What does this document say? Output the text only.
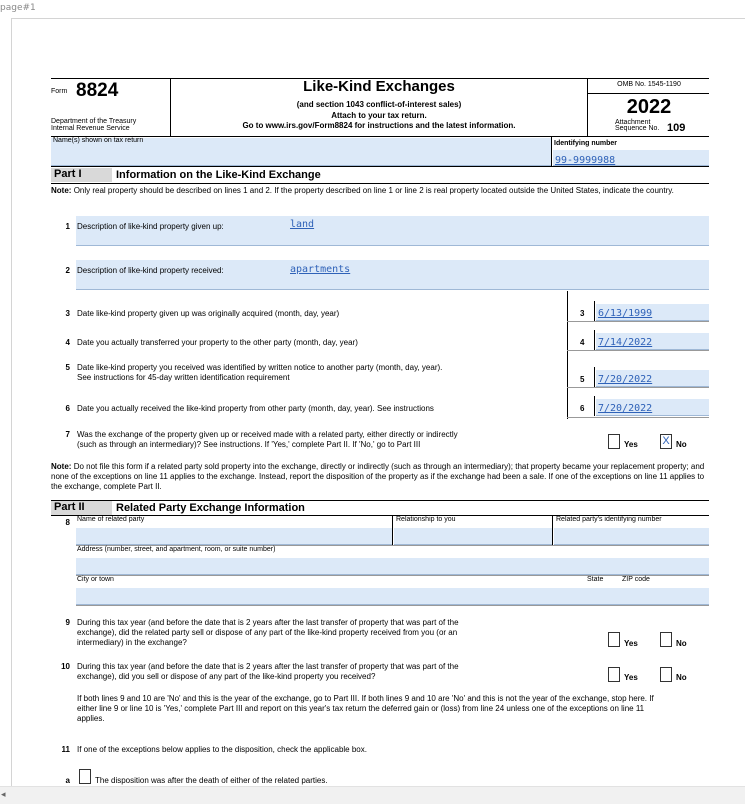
page#1
Form 8824
Department of the Treasury
Internal Revenue Service
Like-Kind Exchanges
(and section 1043 conflict-of-interest sales)
Attach to your tax return.
Go to www.irs.gov/Form8824 for instructions and the latest information.
OMB No. 1545-1190
2022
Attachment
Sequence No. 109
Name(s) shown on tax return	Identifying number
99-9999988
Part I	Information on the Like-Kind Exchange
Note: Only real property should be described on lines 1 and 2. If the property described on line 1 or line 2 is real property located outside the United States, indicate the country.
1 Description of like-kind property given up:	land
2 Description of like-kind property received:	apartments
3 Date like-kind property given up was originally acquired (month, day, year)	3 6/13/1999
4 Date you actually transferred your property to the other party (month, day, year)	4 7/14/2022
5 Date like-kind property you received was identified by written notice to another party (month, day, year).
See instructions for 45-day written identification requirement	5 7/20/2022
6 Date you actually received the like-kind property from other party (month, day, year). See instructions	6 7/20/2022
7 Was the exchange of the property given up or received made with a related party, either directly or indirectly
(such as through an intermediary)? See instructions. If 'Yes,' complete Part II. If 'No,' go to Part III	Yes X No
Note: Do not file this form if a related party sold property into the exchange, directly or indirectly (such as through an intermediary); that property became your replacement property; and none of the exceptions on line 11 applies to the exchange. Instead, report the disposition of the property as if the exchange had been a sale. If one of the exceptions on line 11 applies to the exchange, complete Part II.
Part II	Related Party Exchange Information
8 Name of related party	Relationship to you	Related party's identifying number
Address (number, street, and apartment, room, or suite number)
City or town	State	ZIP code
9 During this tax year (and before the date that is 2 years after the last transfer of property that was part of the
exchange), did the related party sell or dispose of any part of the like-kind property received from you (or an
intermediary) in the exchange?	Yes	No
10 During this tax year (and before the date that is 2 years after the last transfer of property that was part of the
exchange), did you sell or dispose of any part of the like-kind property you received?	Yes	No
If both lines 9 and 10 are 'No' and this is the year of the exchange, go to Part III. If both lines 9 and 10 are 'No' and this is not the year of the exchange, stop here. If either line 9 or line 10 is 'Yes,' complete Part III and report on this year's tax return the deferred gain or (loss) from line 24 unless one of the exceptions on line 11 applies.
11 If one of the exceptions below applies to the disposition, check the applicable box.
a	The disposition was after the death of either of the related parties.
◂
